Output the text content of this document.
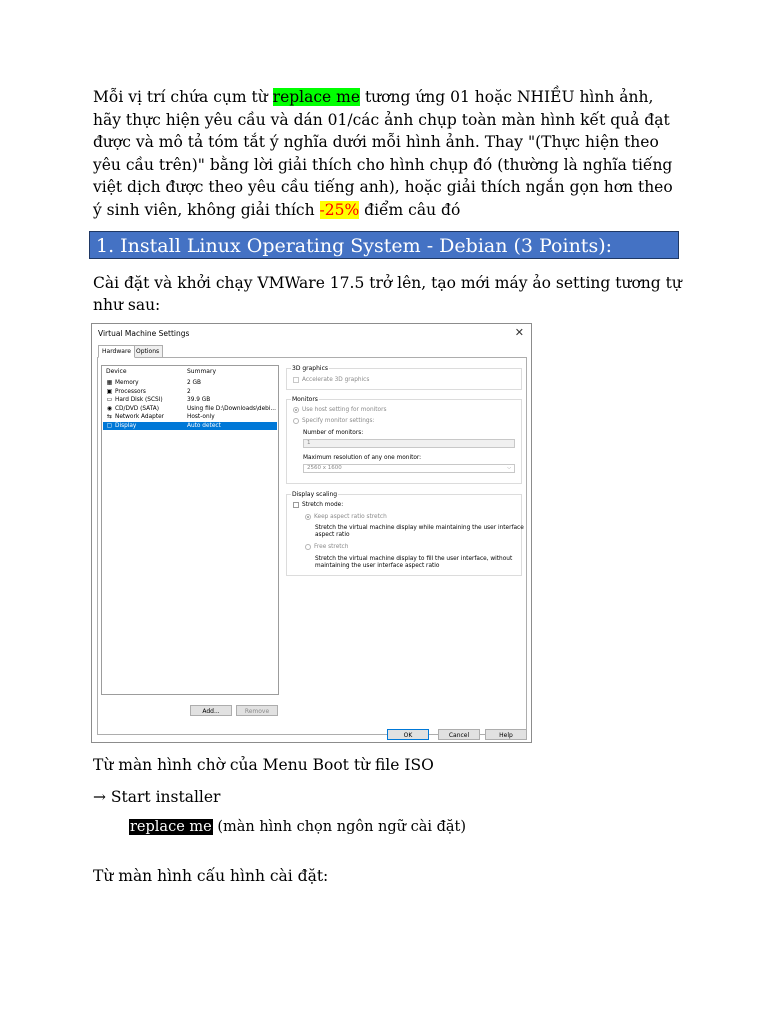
Mỗi vị trí chứa cụm từ replace me tương ứng 01 hoặc NHIỀU hình ảnh, hãy thực hiện yêu cầu và dán 01/các ảnh chụp toàn màn hình kết quả đạt được và mô tả tóm tắt ý nghĩa dưới mỗi hình ảnh. Thay "(Thực hiện theo yêu cầu trên)" bằng lời giải thích cho hình chụp đó (thường là nghĩa tiếng việt dịch được theo yêu cầu tiếng anh), hoặc giải thích ngắn gọn hơn theo ý sinh viên, không giải thích -25% điểm câu đó
1. Install Linux Operating System - Debian (3 Points):
Cài đặt và khởi chạy VMWare 17.5 trở lên, tạo mới máy ảo setting tương tự như sau:
Virtual Machine Settings	✕
Hardware Options
Device	Summary
▦ Memory	2 GB
▣ Processors	2
▭ Hard Disk (SCSI)	39.9 GB
◉ CD/DVD (SATA)	Using file D:\Downloads\debi...
⇆ Network Adapter	Host-only
▢ Display	Auto detect
Add...	Remove
3D graphics
Accelerate 3D graphics
Monitors
Use host setting for monitors
Specify monitor settings:
Number of monitors:
1
Maximum resolution of any one monitor:
2560 x 1600	⌵
Display scaling
Stretch mode:
Keep aspect ratio stretch
Stretch the virtual machine display while maintaining the user interface
aspect ratio
Free stretch
Stretch the virtual machine display to fill the user interface, without
maintaining the user interface aspect ratio
OK	Cancel	Help
Từ màn hình chờ của Menu Boot từ file ISO
→ Start installer
replace me (màn hình chọn ngôn ngữ cài đặt)
Từ màn hình cấu hình cài đặt:
